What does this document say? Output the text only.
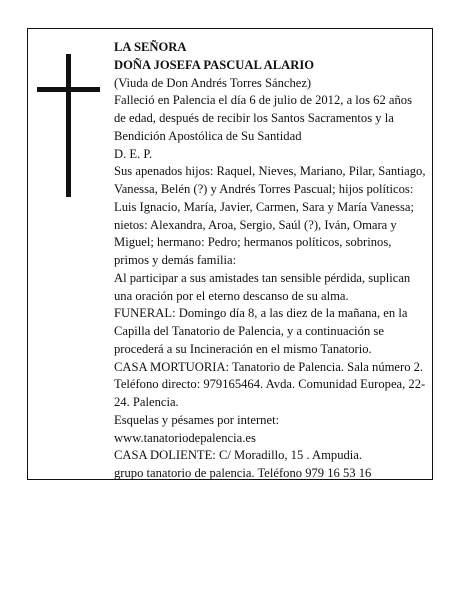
LA SEÑORA

DOÑA JOSEFA PASCUAL ALARIO

(Viuda de Don Andrés Torres Sánchez)

Falleció en Palencia el día 6 de julio de 2012, a los 62 años de edad, después de recibir los Santos Sacramentos y la Bendición Apostólica de Su Santidad

D. E. P.

Sus apenados hijos: Raquel, Nieves, Mariano, Pilar, Santiago, Vanessa, Belén (?) y Andrés Torres Pascual; hijos políticos: Luis Ignacio, María, Javier, Carmen, Sara y María Vanessa; nietos: Alexandra, Aroa, Sergio, Saúl (?), Iván, Omara y Miguel; hermano: Pedro; hermanos políticos, sobrinos, primos y demás familia:

Al participar a sus amistades tan sensible pérdida, suplican una oración por el eterno descanso de su alma.

FUNERAL: Domingo día 8, a las diez de la mañana, en la Capilla del Tanatorio de Palencia, y a continuación se procederá a su Incineración en el mismo Tanatorio.

CASA MORTUORIA: Tanatorio de Palencia. Sala número 2. Teléfono directo: 979165464. Avda. Comunidad Europea, 22-24. Palencia.

Esquelas y pésames por internet:

www.tanatoriodepalencia.es

CASA DOLIENTE: C/ Moradillo, 15 . Ampudia.

grupo tanatorio de palencia. Teléfono 979 16 53 16
